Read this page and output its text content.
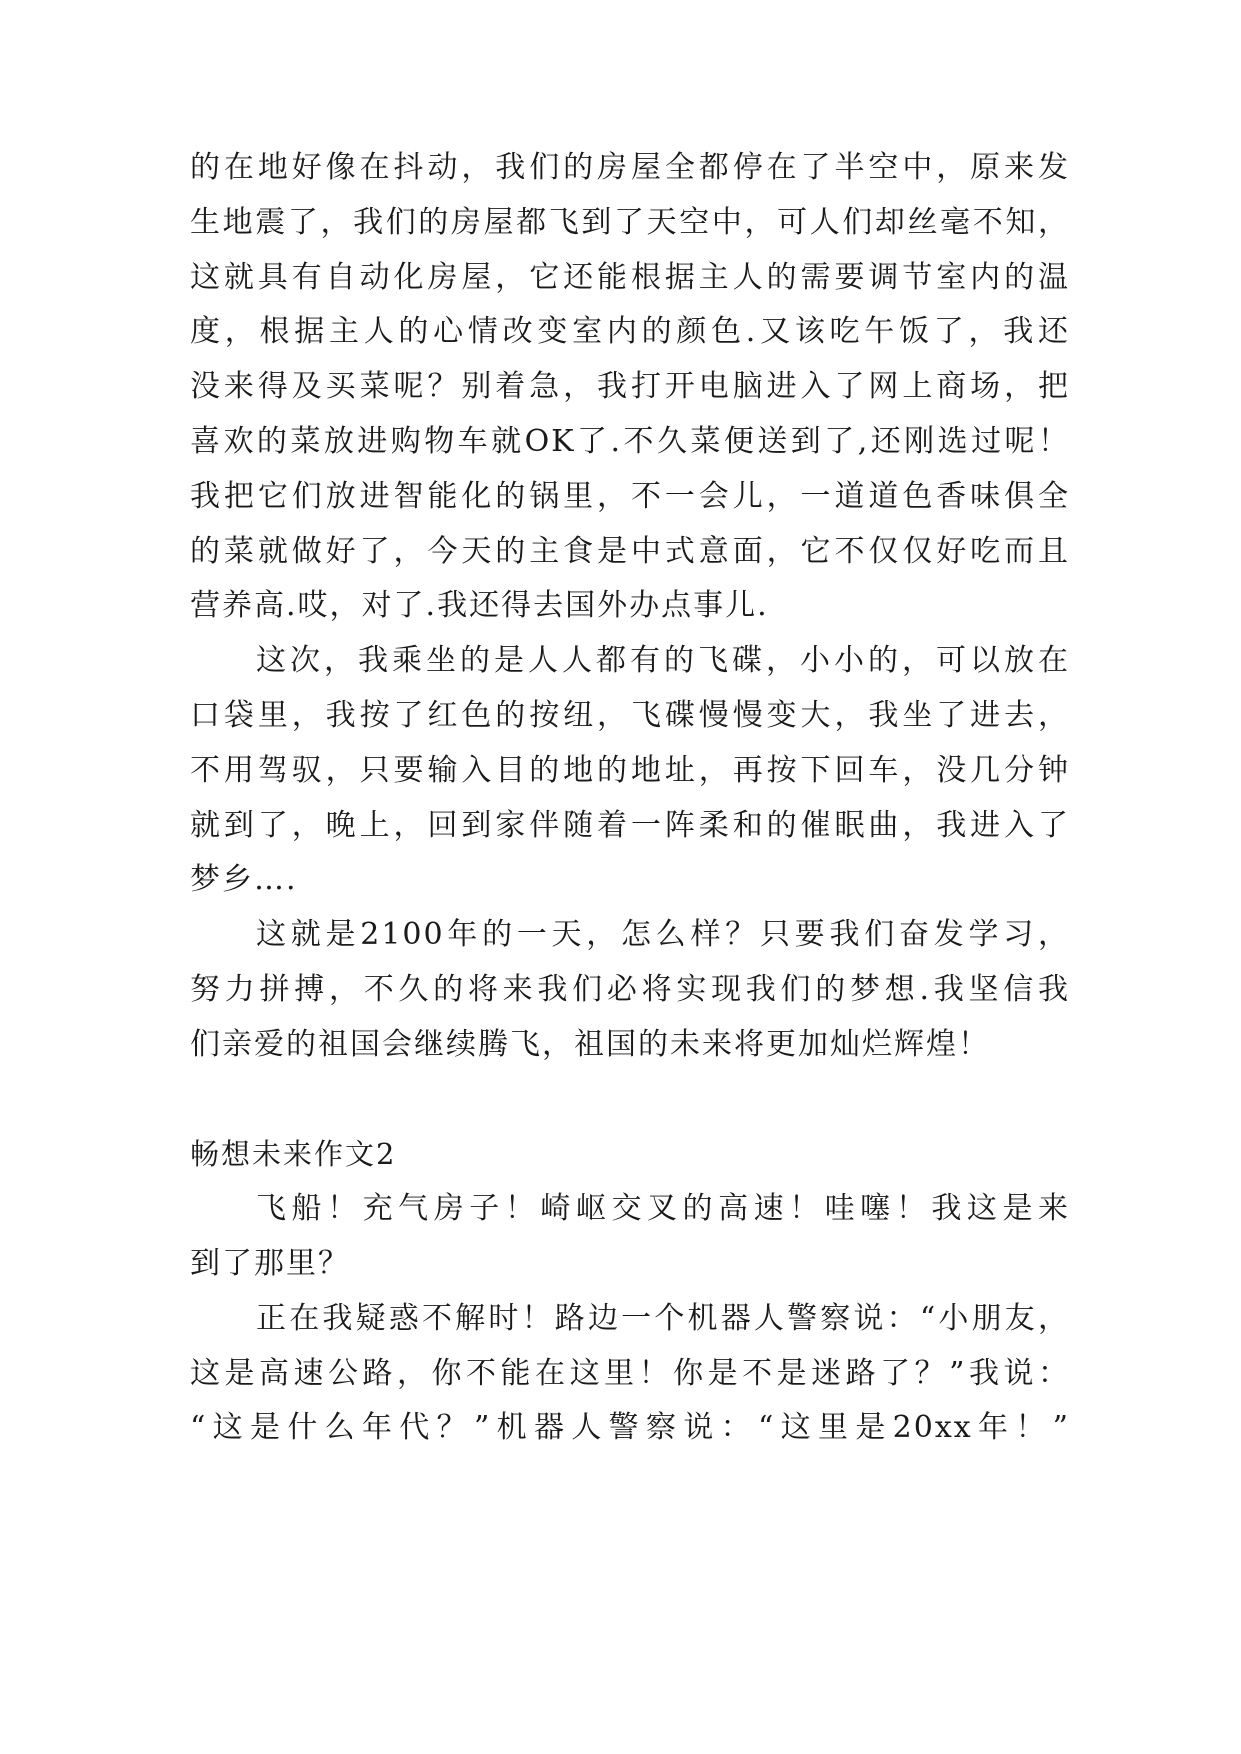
的在地好像在抖动，我们的房屋全都停在了半空中，原来发
生地震了，我们的房屋都飞到了天空中，可人们却丝毫不知，
这就具有自动化房屋，它还能根据主人的需要调节室内的温
度，根据主人的心情改变室内的颜色.又该吃午饭了，我还
没来得及买菜呢？别着急，我打开电脑进入了网上商场，把
喜欢的菜放进购物车就OK了.不久菜便送到了,还刚选过呢！
我把它们放进智能化的锅里，不一会儿，一道道色香味俱全
的菜就做好了，今天的主食是中式意面，它不仅仅好吃而且
营养高.哎，对了.我还得去国外办点事儿.
这次，我乘坐的是人人都有的飞碟，小小的，可以放在
口袋里，我按了红色的按纽，飞碟慢慢变大，我坐了进去，
不用驾驭，只要输入目的地的地址，再按下回车，没几分钟
就到了，晚上，回到家伴随着一阵柔和的催眠曲，我进入了
梦乡….
这就是2100年的一天，怎么样？只要我们奋发学习，
努力拼搏，不久的将来我们必将实现我们的梦想.我坚信我
们亲爱的祖国会继续腾飞，祖国的未来将更加灿烂辉煌！
畅想未来作文2
飞船！充气房子！崎岖交叉的高速！哇噻！我这是来
到了那里？
正在我疑惑不解时！路边一个机器人警察说：“小朋友，
这是高速公路，你不能在这里！你是不是迷路了？”我说：
“这是什么年代？”机器人警察说：“这里是20xx年！”
